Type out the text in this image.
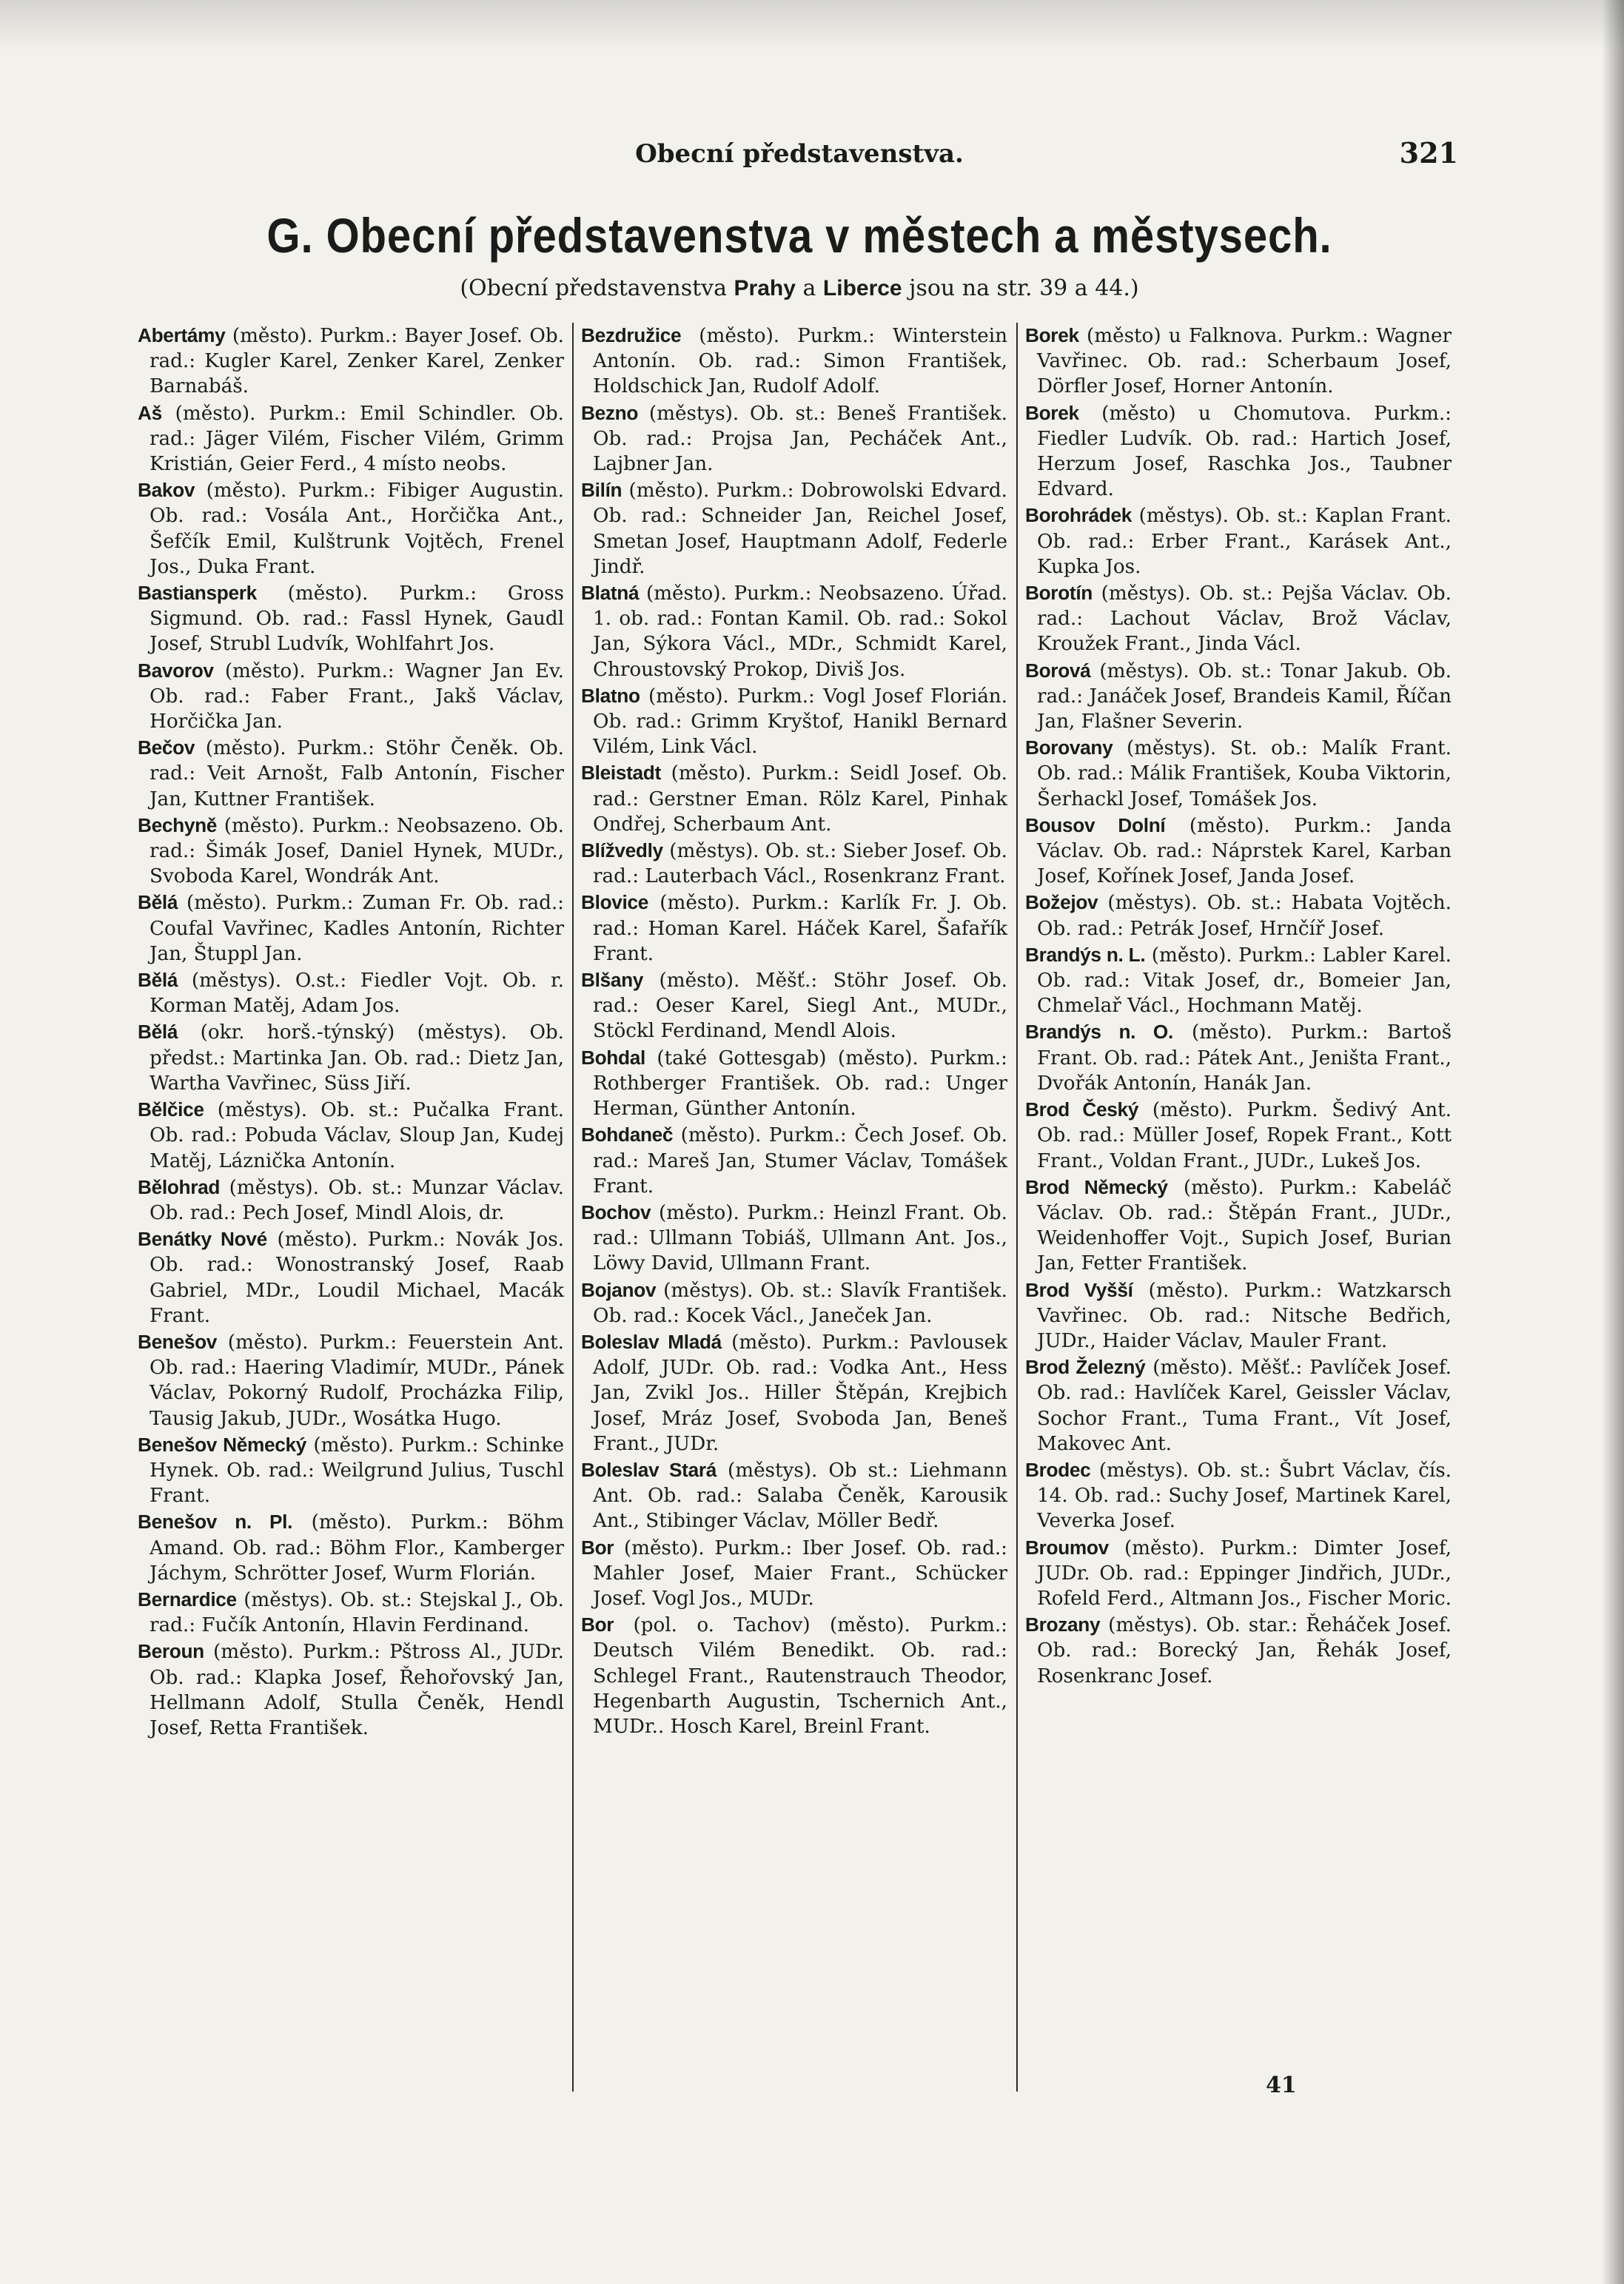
Obecní představenstva.	321
G. Obecní představenstva v městech a městysech.
(Obecní představenstva Prahy a Liberce jsou na str. 39 a 44.)

Abertámy (město). Purkm.: Bayer Josef. Ob. rad.: Kugler Karel, Zenker Karel, Zenker Barnabáš.

Aš (město). Purkm.: Emil Schindler. Ob. rad.: Jäger Vilém, Fischer Vilém, Grimm Kristián, Geier Ferd., 4 místo neobs.

Bakov (město). Purkm.: Fibiger Augustin. Ob. rad.: Vosála Ant., Horčička Ant., Šefčík Emil, Kulštrunk Vojtěch, Frenel Jos., Duka Frant.

Bastiansperk (město). Purkm.: Gross Sigmund. Ob. rad.: Fassl Hynek, Gaudl Josef, Strubl Ludvík, Wohlfahrt Jos.

Bavorov (město). Purkm.: Wagner Jan Ev. Ob. rad.: Faber Frant., Jakš Václav, Horčička Jan.

Bečov (město). Purkm.: Stöhr Čeněk. Ob. rad.: Veit Arnošt, Falb Antonín, Fischer Jan, Kuttner František.

Bechyně (město). Purkm.: Neobsazeno. Ob. rad.: Šimák Josef, Daniel Hynek, MUDr., Svoboda Karel, Wondrák Ant.

Bělá (město). Purkm.: Zuman Fr. Ob. rad.: Coufal Vavřinec, Kadles Antonín, Richter Jan, Štuppl Jan.

Bělá (městys). O.st.: Fiedler Vojt. Ob. r. Korman Matěj, Adam Jos.

Bělá (okr. horš.-týnský) (městys). Ob. předst.: Martinka Jan. Ob. rad.: Dietz Jan, Wartha Vavřinec, Süss Jiří.

Bělčice (městys). Ob. st.: Pučalka Frant. Ob. rad.: Pobuda Václav, Sloup Jan, Kudej Matěj, Láznička Antonín.

Bělohrad (městys). Ob. st.: Munzar Václav. Ob. rad.: Pech Josef, Mindl Alois, dr.

Benátky Nové (město). Purkm.: Novák Jos. Ob. rad.: Wonostranský Josef, Raab Gabriel, MDr., Loudil Michael, Macák Frant.

Benešov (město). Purkm.: Feuerstein Ant. Ob. rad.: Haering Vladimír, MUDr., Pánek Václav, Pokorný Rudolf, Procházka Filip, Tausig Jakub, JUDr., Wosátka Hugo.

Benešov Německý (město). Purkm.: Schinke Hynek. Ob. rad.: Weilgrund Julius, Tuschl Frant.

Benešov n. Pl. (město). Purkm.: Böhm Amand. Ob. rad.: Böhm Flor., Kamberger Jáchym, Schrötter Josef, Wurm Florián.

Bernardice (městys). Ob. st.: Stejskal J., Ob. rad.: Fučík Antonín, Hlavin Ferdinand.

Beroun (město). Purkm.: Pštross Al., JUDr. Ob. rad.: Klapka Josef, Řehořovský Jan, Hellmann Adolf, Stulla Čeněk, Hendl Josef, Retta František.

Bezdružice (město). Purkm.: Winterstein Antonín. Ob. rad.: Simon František, Holdschick Jan, Rudolf Adolf.

Bezno (městys). Ob. st.: Beneš František. Ob. rad.: Projsa Jan, Pecháček Ant., Lajbner Jan.

Bilín (město). Purkm.: Dobrowolski Edvard. Ob. rad.: Schneider Jan, Reichel Josef, Smetan Josef, Hauptmann Adolf, Federle Jindř.

Blatná (město). Purkm.: Neobsazeno. Úřad. 1. ob. rad.: Fontan Kamil. Ob. rad.: Sokol Jan, Sýkora Václ., MDr., Schmidt Karel, Chroustovský Prokop, Diviš Jos.

Blatno (město). Purkm.: Vogl Josef Florián. Ob. rad.: Grimm Kryštof, Hanikl Bernard Vilém, Link Václ.

Bleistadt (město). Purkm.: Seidl Josef. Ob. rad.: Gerstner Eman. Rölz Karel, Pinhak Ondřej, Scherbaum Ant.

Blížvedly (městys). Ob. st.: Sieber Josef. Ob. rad.: Lauterbach Václ., Rosenkranz Frant.

Blovice (město). Purkm.: Karlík Fr. J. Ob. rad.: Homan Karel. Háček Karel, Šafařík Frant.

Blšany (město). Měšť.: Stöhr Josef. Ob. rad.: Oeser Karel, Siegl Ant., MUDr., Stöckl Ferdinand, Mendl Alois.

Bohdal (také Gottesgab) (město). Purkm.: Rothberger František. Ob. rad.: Unger Herman, Günther Antonín.

Bohdaneč (město). Purkm.: Čech Josef. Ob. rad.: Mareš Jan, Stumer Václav, Tomášek Frant.

Bochov (město). Purkm.: Heinzl Frant. Ob. rad.: Ullmann Tobiáš, Ullmann Ant. Jos., Löwy David, Ullmann Frant.

Bojanov (městys). Ob. st.: Slavík František. Ob. rad.: Kocek Václ., Janeček Jan.

Boleslav Mladá (město). Purkm.: Pavlousek Adolf, JUDr. Ob. rad.: Vodka Ant., Hess Jan, Zvikl Jos.. Hiller Štěpán, Krejbich Josef, Mráz Josef, Svoboda Jan, Beneš Frant., JUDr.

Boleslav Stará (městys). Ob st.: Liehmann Ant. Ob. rad.: Salaba Čeněk, Karousik Ant., Stibinger Václav, Möller Bedř.

Bor (město). Purkm.: Iber Josef. Ob. rad.: Mahler Josef, Maier Frant., Schücker Josef. Vogl Jos., MUDr.

Bor (pol. o. Tachov) (město). Purkm.: Deutsch Vilém Benedikt. Ob. rad.: Schlegel Frant., Rautenstrauch Theodor, Hegenbarth Augustin, Tschernich Ant., MUDr.. Hosch Karel, Breinl Frant.

Borek (město) u Falknova. Purkm.: Wagner Vavřinec. Ob. rad.: Scherbaum Josef, Dörfler Josef, Horner Antonín.

Borek (město) u Chomutova. Purkm.: Fiedler Ludvík. Ob. rad.: Hartich Josef, Herzum Josef, Raschka Jos., Taubner Edvard.

Borohrádek (městys). Ob. st.: Kaplan Frant. Ob. rad.: Erber Frant., Karásek Ant., Kupka Jos.

Borotín (městys). Ob. st.: Pejša Václav. Ob. rad.: Lachout Václav, Brož Václav, Kroužek Frant., Jinda Václ.

Borová (městys). Ob. st.: Tonar Jakub. Ob. rad.: Janáček Josef, Brandeis Kamil, Říčan Jan, Flašner Severin.

Borovany (městys). St. ob.: Malík Frant. Ob. rad.: Málik František, Kouba Viktorin, Šerhackl Josef, Tomášek Jos.

Bousov Dolní (město). Purkm.: Janda Václav. Ob. rad.: Náprstek Karel, Karban Josef, Kořínek Josef, Janda Josef.

Božejov (městys). Ob. st.: Habata Vojtěch. Ob. rad.: Petrák Josef, Hrnčíř Josef.

Brandýs n. L. (město). Purkm.: Labler Karel. Ob. rad.: Vitak Josef, dr., Bomeier Jan, Chmelař Václ., Hochmann Matěj.

Brandýs n. O. (město). Purkm.: Bartoš Frant. Ob. rad.: Pátek Ant., Jeništa Frant., Dvořák Antonín, Hanák Jan.

Brod Český (město). Purkm. Šedivý Ant. Ob. rad.: Müller Josef, Ropek Frant., Kott Frant., Voldan Frant., JUDr., Lukeš Jos.

Brod Německý (město). Purkm.: Kabeláč Václav. Ob. rad.: Štěpán Frant., JUDr., Weidenhoffer Vojt., Supich Josef, Burian Jan, Fetter František.

Brod Vyšší (město). Purkm.: Watzkarsch Vavřinec. Ob. rad.: Nitsche Bedřich, JUDr., Haider Václav, Mauler Frant.

Brod Železný (město). Měšť.: Pavlíček Josef. Ob. rad.: Havlíček Karel, Geissler Václav, Sochor Frant., Tuma Frant., Vít Josef, Makovec Ant.

Brodec (městys). Ob. st.: Šubrt Václav, čís. 14. Ob. rad.: Suchy Josef, Martinek Karel, Veverka Josef.

Broumov (město). Purkm.: Dimter Josef, JUDr. Ob. rad.: Eppinger Jindřich, JUDr., Rofeld Ferd., Altmann Jos., Fischer Moric.

Brozany (městys). Ob. star.: Řeháček Josef. Ob. rad.: Borecký Jan, Řehák Josef, Rosenkranc Josef.

41
